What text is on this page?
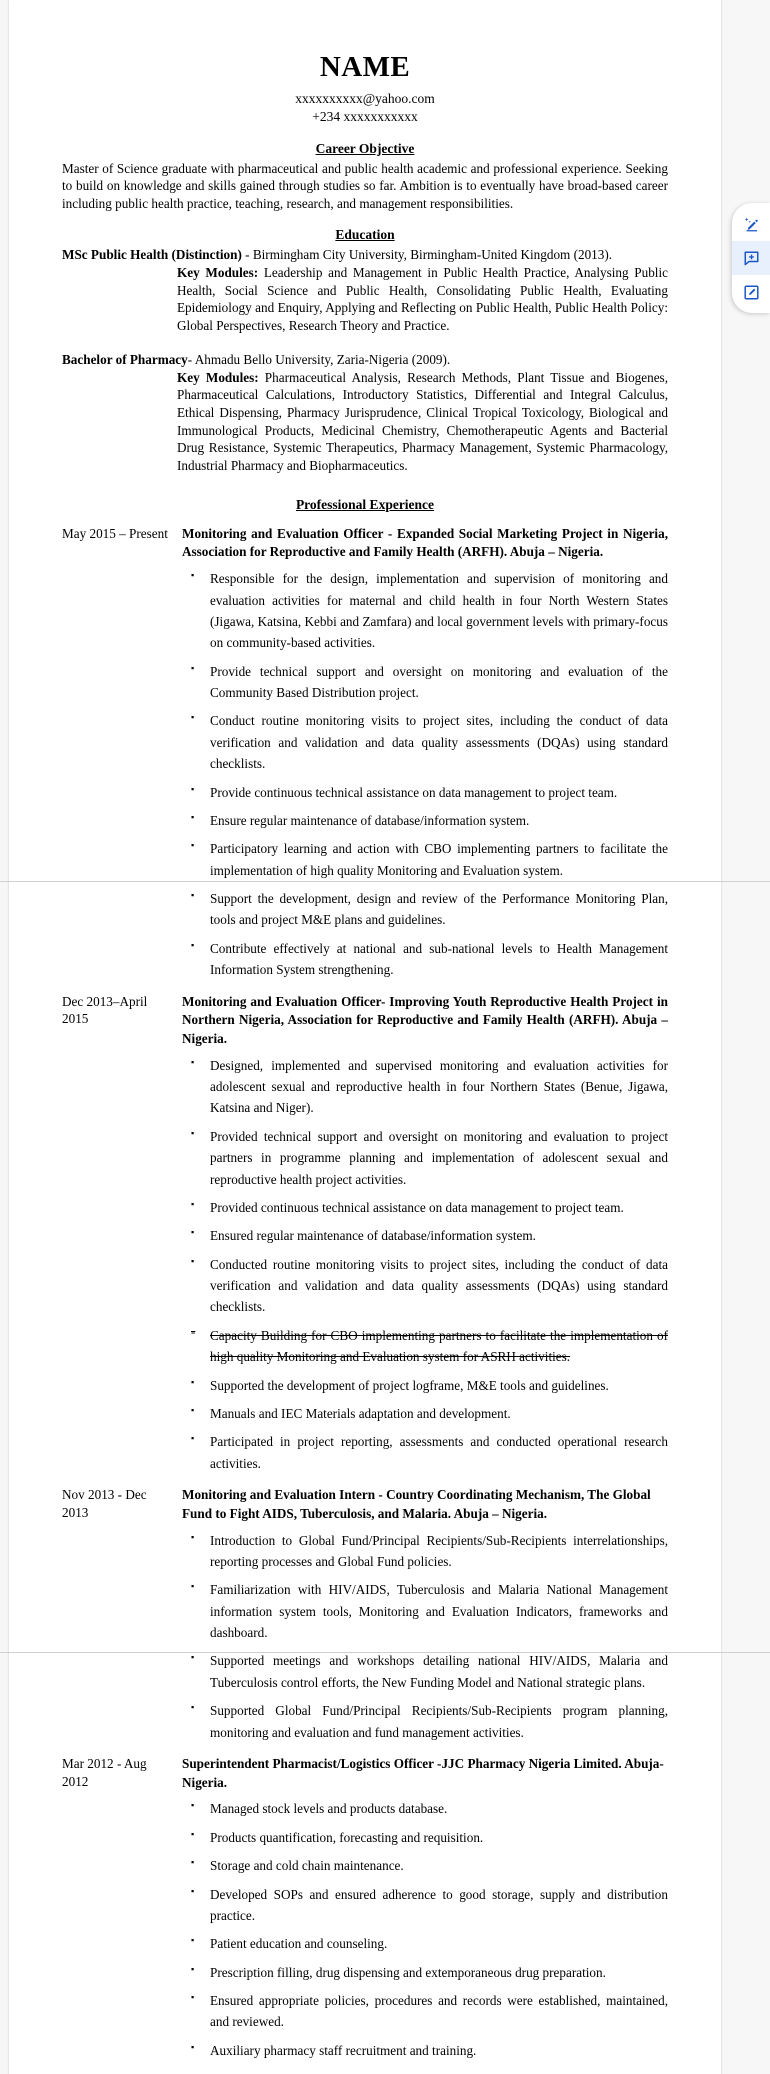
NAME
xxxxxxxxxx@yahoo.com
+234 xxxxxxxxxxx
Career Objective

Master of Science graduate with pharmaceutical and public health academic and professional experience. Seeking to build on knowledge and skills gained through studies so far. Ambition is to eventually have broad-based career including public health practice, teaching, research, and management responsibilities.

Education

MSc Public Health (Distinction) - Birmingham City University, Birmingham-United Kingdom (2013).

Key Modules: Leadership and Management in Public Health Practice, Analysing Public Health, Social Science and Public Health, Consolidating Public Health, Evaluating Epidemiology and Enquiry, Applying and Reflecting on Public Health, Public Health Policy: Global Perspectives, Research Theory and Practice.

Bachelor of Pharmacy- Ahmadu Bello University, Zaria-Nigeria (2009).

Key Modules: Pharmaceutical Analysis, Research Methods, Plant Tissue and Biogenes, Pharmaceutical Calculations, Introductory Statistics, Differential and Integral Calculus, Ethical Dispensing, Pharmacy Jurisprudence, Clinical Tropical Toxicology, Biological and Immunological Products, Medicinal Chemistry, Chemotherapeutic Agents and Bacterial Drug Resistance, Systemic Therapeutics, Pharmacy Management, Systemic Pharmacology, Industrial Pharmacy and Biopharmaceutics.

Professional Experience
May 2015 – Present	Monitoring and Evaluation Officer - Expanded Social Marketing Project in Nigeria, Association for Reproductive and Family Health (ARFH). Abuja – Nigeria.
▪ Responsible for the design, implementation and supervision of monitoring and evaluation activities for maternal and child health in four North Western States (Jigawa, Katsina, Kebbi and Zamfara) and local government levels with primary-focus on community-based activities.
▪ Provide technical support and oversight on monitoring and evaluation of the Community Based Distribution project.
▪ Conduct routine monitoring visits to project sites, including the conduct of data verification and validation and data quality assessments (DQAs) using standard checklists.
▪ Provide continuous technical assistance on data management to project team.
▪ Ensure regular maintenance of database/information system.
▪ Participatory learning and action with CBO implementing partners to facilitate the implementation of high quality Monitoring and Evaluation system.
▪ Support the development, design and review of the Performance Monitoring Plan, tools and project M&E plans and guidelines.
▪ Contribute effectively at national and sub-national levels to Health Management Information System strengthening.
Dec 2013–April 2015
Monitoring and Evaluation Officer- Improving Youth Reproductive Health Project in Northern Nigeria, Association for Reproductive and Family Health (ARFH). Abuja – Nigeria.
▪ Designed, implemented and supervised monitoring and evaluation activities for adolescent sexual and reproductive health in four Northern States (Benue, Jigawa, Katsina and Niger).
▪ Provided technical support and oversight on monitoring and evaluation to project partners in programme planning and implementation of adolescent sexual and reproductive health project activities.
▪ Provided continuous technical assistance on data management to project team.
▪ Ensured regular maintenance of database/information system.
▪ Conducted routine monitoring visits to project sites, including the conduct of data verification and validation and data quality assessments (DQAs) using standard checklists.
- Capacity Building for CBO implementing partners to facilitate the implementation of high quality Monitoring and Evaluation system for ASRH activities.
▪ Supported the development of project logframe, M&E tools and guidelines.
▪ Manuals and IEC Materials adaptation and development.
▪ Participated in project reporting, assessments and conducted operational research activities.
Nov 2013 - Dec 2013
Monitoring and Evaluation Intern - Country Coordinating Mechanism, The Global Fund to Fight AIDS, Tuberculosis, and Malaria. Abuja – Nigeria.
▪ Introduction to Global Fund/Principal Recipients/Sub-Recipients interrelationships, reporting processes and Global Fund policies.
▪ Familiarization with HIV/AIDS, Tuberculosis and Malaria National Management information system tools, Monitoring and Evaluation Indicators, frameworks and dashboard.
▪ Supported meetings and workshops detailing national HIV/AIDS, Malaria and Tuberculosis control efforts, the New Funding Model and National strategic plans.
▪ Supported Global Fund/Principal Recipients/Sub-Recipients program planning, monitoring and evaluation and fund management activities.
Mar 2012 - Aug 2012
Superintendent Pharmacist/Logistics Officer -JJC Pharmacy Nigeria Limited. Abuja-Nigeria.
▪ Managed stock levels and products database.
▪ Products quantification, forecasting and requisition.
▪ Storage and cold chain maintenance.
▪ Developed SOPs and ensured adherence to good storage, supply and distribution practice.
▪ Patient education and counseling.
▪ Prescription filling, drug dispensing and extemporaneous drug preparation.
▪ Ensured appropriate policies, procedures and records were established, maintained, and reviewed.
▪ Auxiliary pharmacy staff recruitment and training.
